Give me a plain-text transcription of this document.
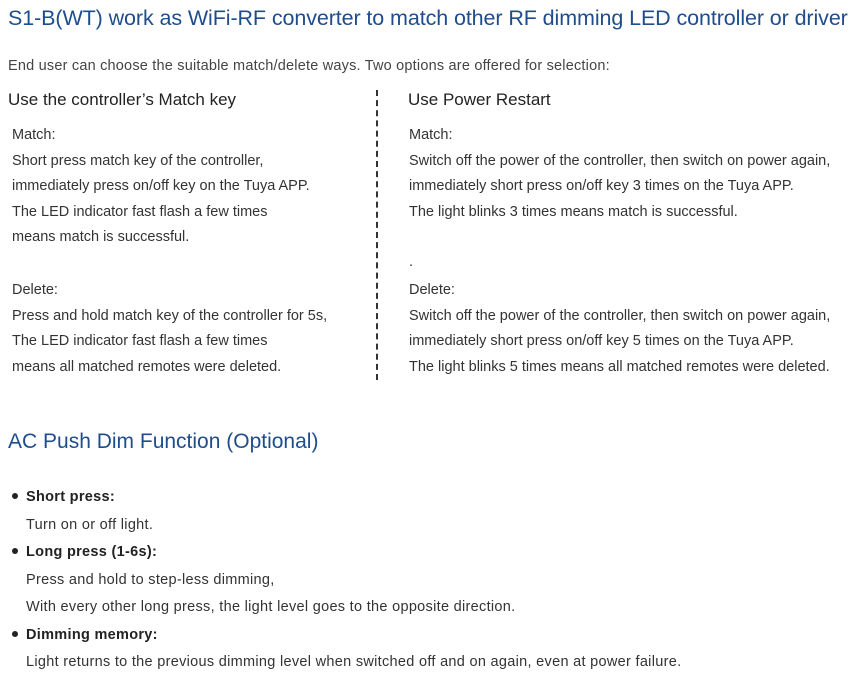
S1-B(WT) work as WiFi-RF converter to match other RF dimming LED controller or driver
End user can choose the suitable match/delete ways. Two options are offered for selection:
Use the controller’s Match key
Match:
Short press match key of the controller,
immediately press on/off key on the Tuya APP.
The LED indicator fast flash a few times
means match is successful.
Delete:
Press and hold match key of the controller for 5s,
The LED indicator fast flash a few times
means all matched remotes were deleted.
Use Power Restart
Match:
Switch off the power of the controller, then switch on power again,
immediately short press on/off key 3 times on the Tuya APP.
The light blinks 3 times means match is successful.
.
Delete:
Switch off the power of the controller, then switch on power again,
immediately short press on/off key 5 times on the Tuya APP.
The light blinks 5 times means all matched remotes were deleted.
AC Push Dim Function (Optional)
Short press:
Turn on or off light.
Long press (1-6s):
Press and hold to step-less dimming,
With every other long press, the light level goes to the opposite direction.
Dimming memory:
Light returns to the previous dimming level when switched off and on again, even at power failure.
